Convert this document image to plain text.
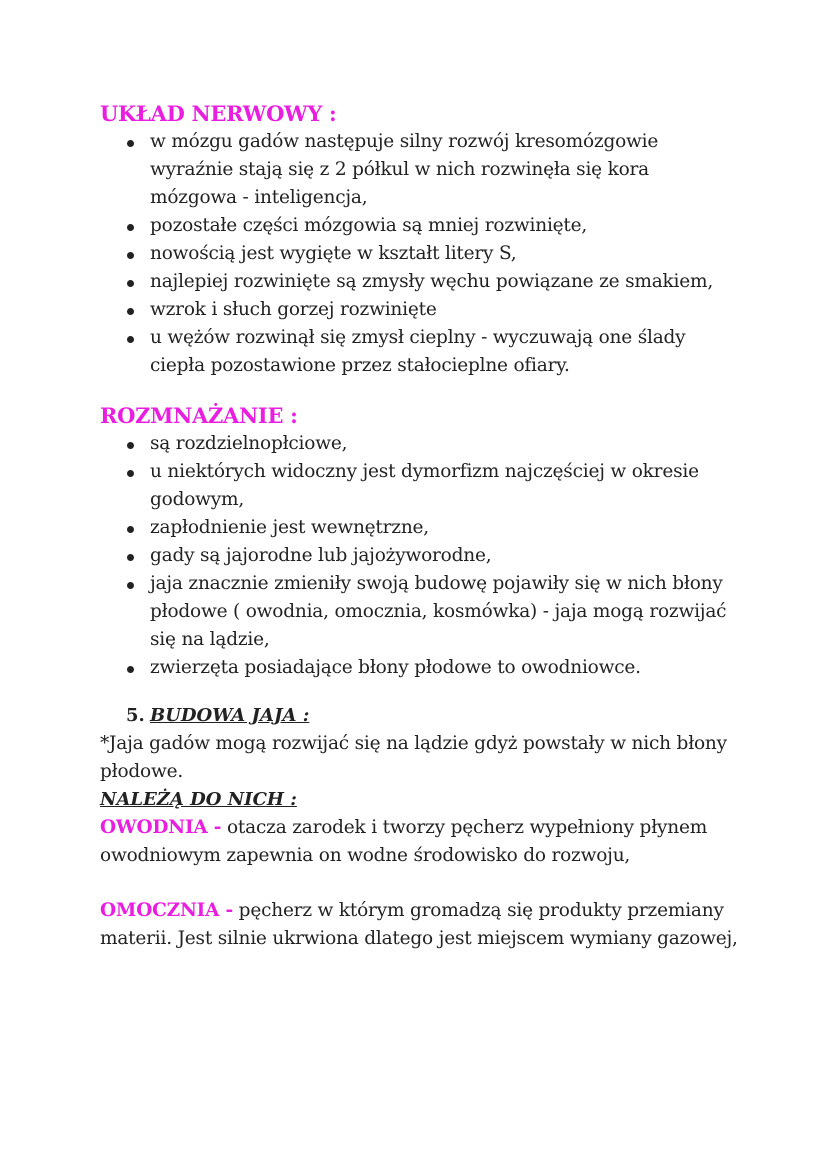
UKŁAD NERWOWY :
w mózgu gadów następuje silny rozwój kresomózgowie wyraźnie stają się z 2 półkul w nich rozwinęła się kora mózgowa - inteligencja,
pozostałe części mózgowia są mniej rozwinięte,
nowością jest wygięte w kształt litery S,
najlepiej rozwinięte są zmysły węchu powiązane ze smakiem,
wzrok i słuch gorzej rozwinięte
u wężów rozwinął się zmysł cieplny - wyczuwają one ślady ciepła pozostawione przez stałocieplne ofiary.
ROZMNAŻANIE :
są rozdzielnopłciowe,
u niektórych widoczny jest dymorfizm najczęściej w okresie godowym,
zapłodnienie jest wewnętrzne,
gady są jajorodne lub jajożyworodne,
jaja znacznie zmieniły swoją budowę pojawiły się w nich błony płodowe ( owodnia, omocznia, kosmówka) - jaja mogą rozwijać się na lądzie,
zwierzęta posiadające błony płodowe to owodniowce.
5. BUDOWA JAJA :

*Jaja gadów mogą rozwijać się na lądzie gdyż powstały w nich błony płodowe.

NALEŻĄ DO NICH :

OWODNIA - otacza zarodek i tworzy pęcherz wypełniony płynem owodniowym zapewnia on wodne środowisko do rozwoju,

OMOCZNIA - pęcherz w którym gromadzą się produkty przemiany materii. Jest silnie ukrwiona dlatego jest miejscem wymiany gazowej,
